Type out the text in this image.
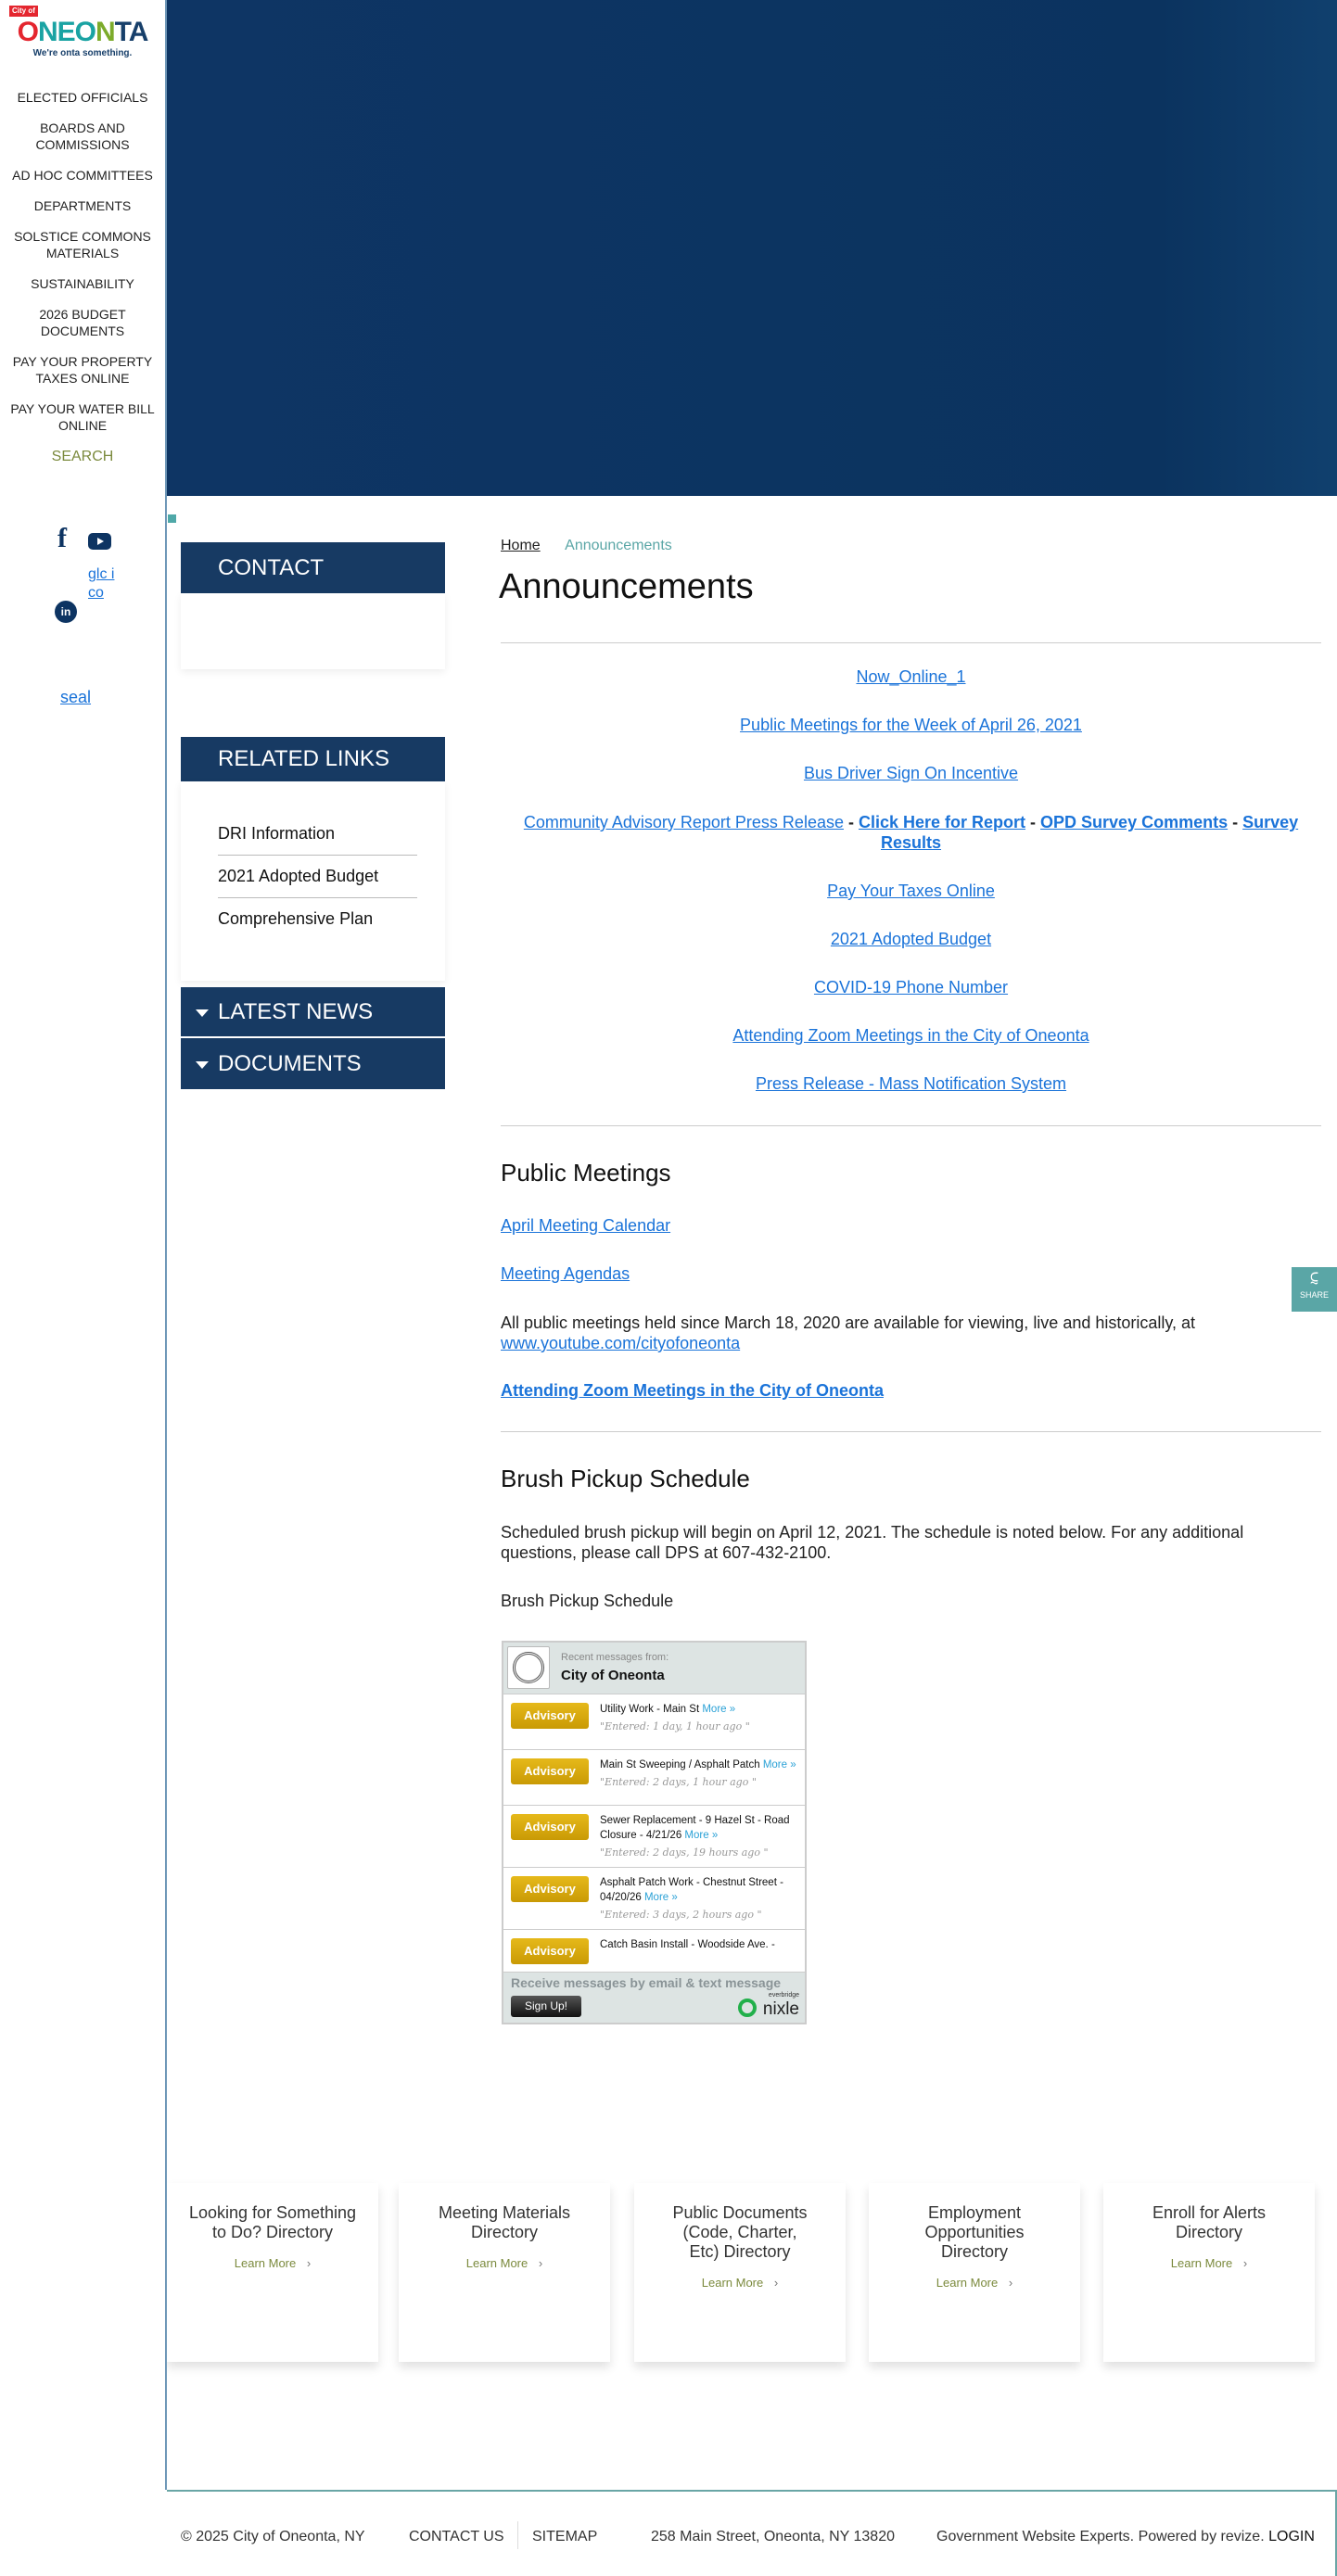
City of
ONEONTA
We're onta something.
ELECTED OFFICIALS
BOARDS AND COMMISSIONS
AD HOC COMMITTEES
DEPARTMENTS
SOLSTICE COMMONS MATERIALS
SUSTAINABILITY
2026 BUDGET DOCUMENTS
PAY YOUR PROPERTY TAXES ONLINE
PAY YOUR WATER BILL ONLINE
SEARCH
f
in
glc ico
seal
CONTACT
RELATED LINKS
DRI Information
2021 Adopted Budget
Comprehensive Plan
LATEST NEWS
DOCUMENTS
Home Announcements
Announcements
Now_Online_1
Public Meetings for the Week of April 26, 2021
Bus Driver Sign On Incentive
Community Advisory Report Press Release - Click Here for Report - OPD Survey Comments - Survey Results
Pay Your Taxes Online
2021 Adopted Budget
COVID-19 Phone Number
Attending Zoom Meetings in the City of Oneonta
Press Release - Mass Notification System
Public Meetings
April Meeting Calendar
Meeting Agendas
All public meetings held since March 18, 2020 are available for viewing, live and historically, at www.youtube.com/cityofoneonta
Attending Zoom Meetings in the City of Oneonta
Brush Pickup Schedule
Scheduled brush pickup will begin on April 12, 2021. The schedule is noted below. For any additional questions, please call DPS at 607-432-2100.
Brush Pickup Schedule
Recent messages from:
City of Oneonta
Advisory	Utility Work - Main St More »
"Entered: 1 day, 1 hour ago "
Advisory	Main St Sweeping / Asphalt Patch More »
"Entered: 2 days, 1 hour ago "
Advisory	Sewer Replacement - 9 Hazel St - Road Closure - 4/21/26 More »
"Entered: 2 days, 19 hours ago "
Advisory	Asphalt Patch Work - Chestnut Street - 04/20/26 More »
"Entered: 3 days, 2 hours ago "
Advisory	Catch Basin Install - Woodside Ave. -
Receive messages by email & text message
Sign Up!
everbridge
nixle
⫇
SHARE
Looking for Something to Do? Directory
Learn More ›
Meeting Materials Directory
Learn More ›
Public Documents (Code, Charter, Etc) Directory
Learn More ›
Employment Opportunities Directory
Learn More ›
Enroll for Alerts Directory
Learn More ›
© 2025 City of Oneonta, NY	CONTACT US SITEMAP	258 Main Street, Oneonta, NY 13820	Government Website Experts. Powered by revize. LOGIN
